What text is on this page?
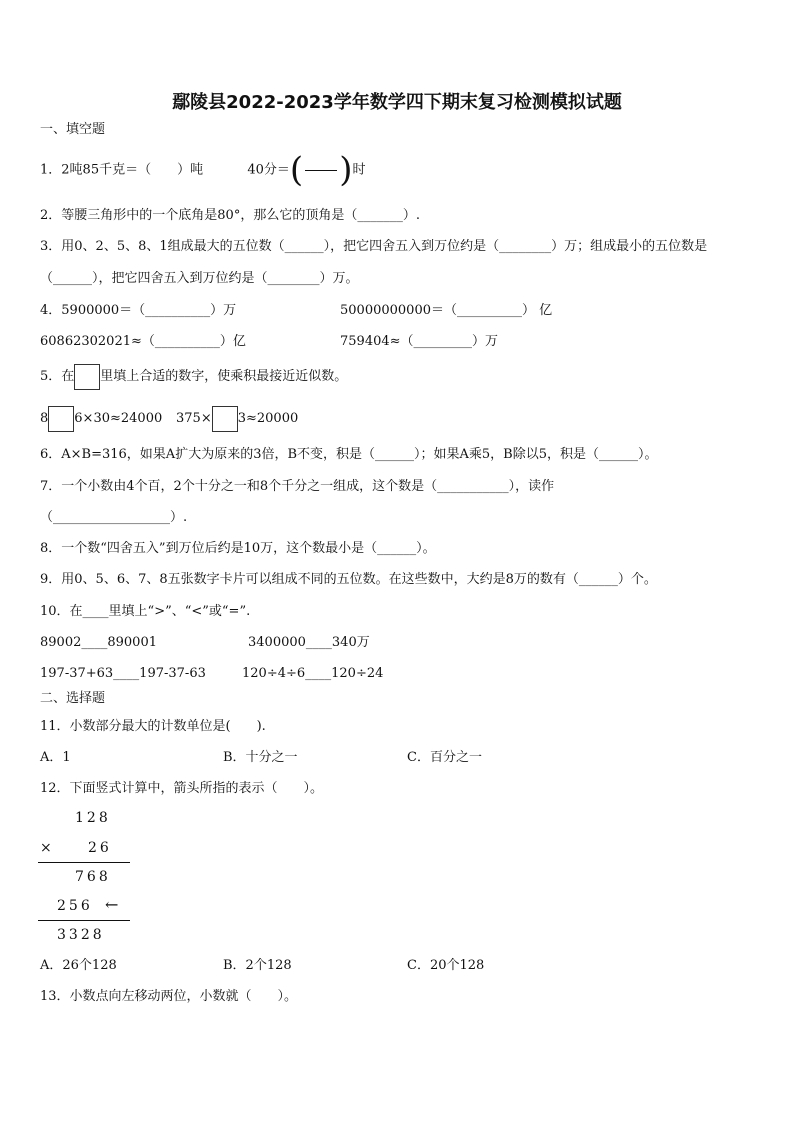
鄢陵县2022-2023学年数学四下期末复习检测模拟试题
一、填空题
1．2吨85千克＝（　　）吨	40分＝( )时
2．等腰三角形中的一个底角是80°，那么它的顶角是（_______）.
3．用0、2、5、8、1组成最大的五位数（______），把它四舍五入到万位约是（________）万；组成最小的五位数是
（______），把它四舍五入到万位约是（________）万。
4．5900000＝（__________）万	50000000000＝（__________） 亿
60862302021≈（__________）亿	759404≈（_________）万
5．在 里填上合适的数字，使乘积最接近近似数。
8 6×30≈24000 375× 3≈20000
6．A×B=316，如果A扩大为原来的3倍，B不变，积是（______）；如果A乘5，B除以5，积是（______）。
7．一个小数由4个百，2个十分之一和8个千分之一组成，这个数是（___________），读作
（__________________）.
8．一个数“四舍五入”到万位后约是10万，这个数最小是（______）。
9．用0、5、6、7、8五张数字卡片可以组成不同的五位数。在这些数中，大约是8万的数有（______）个。
10．在____里填上“>”、“<”或“=”.
89002____890001	3400000____340万
197-37+63____197-37-63	120÷4÷6____120÷24
二、选择题
11．小数部分最大的计数单位是(　　).
A．1	B．十分之一	C．百分之一
12．下面竖式计算中，箭头所指的表示（　　）。
128
× 26
768
256 ←
3328
A．26个128	B．2个128	C．20个128
13．小数点向左移动两位，小数就（　　）。
